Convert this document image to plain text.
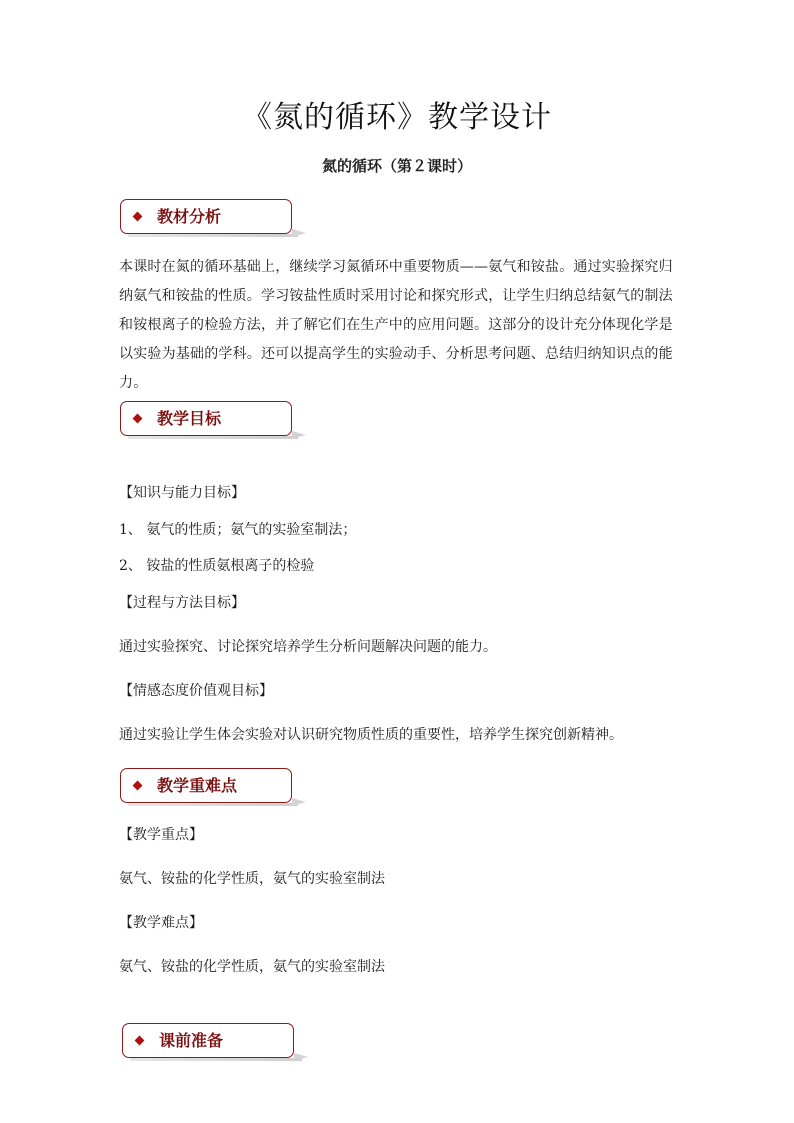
《氮的循环》教学设计
氮的循环（第２课时）
教材分析
本课时在氮的循环基础上，继续学习氮循环中重要物质——氨气和铵盐。通过实验探究归纳氨气和铵盐的性质。学习铵盐性质时采用讨论和探究形式，让学生归纳总结氨气的制法和铵根离子的检验方法，并了解它们在生产中的应用问题。这部分的设计充分体现化学是以实验为基础的学科。还可以提高学生的实验动手、分析思考问题、总结归纳知识点的能力。
教学目标
【知识与能力目标】
1、 氨气的性质；氨气的实验室制法；
2、 铵盐的性质氨根离子的检验
【过程与方法目标】
通过实验探究、讨论探究培养学生分析问题解决问题的能力。
【情感态度价值观目标】
通过实验让学生体会实验对认识研究物质性质的重要性，培养学生探究创新精神。
教学重难点
【教学重点】
氨气、铵盐的化学性质，氨气的实验室制法
【教学难点】
氨气、铵盐的化学性质，氨气的实验室制法
课前准备
